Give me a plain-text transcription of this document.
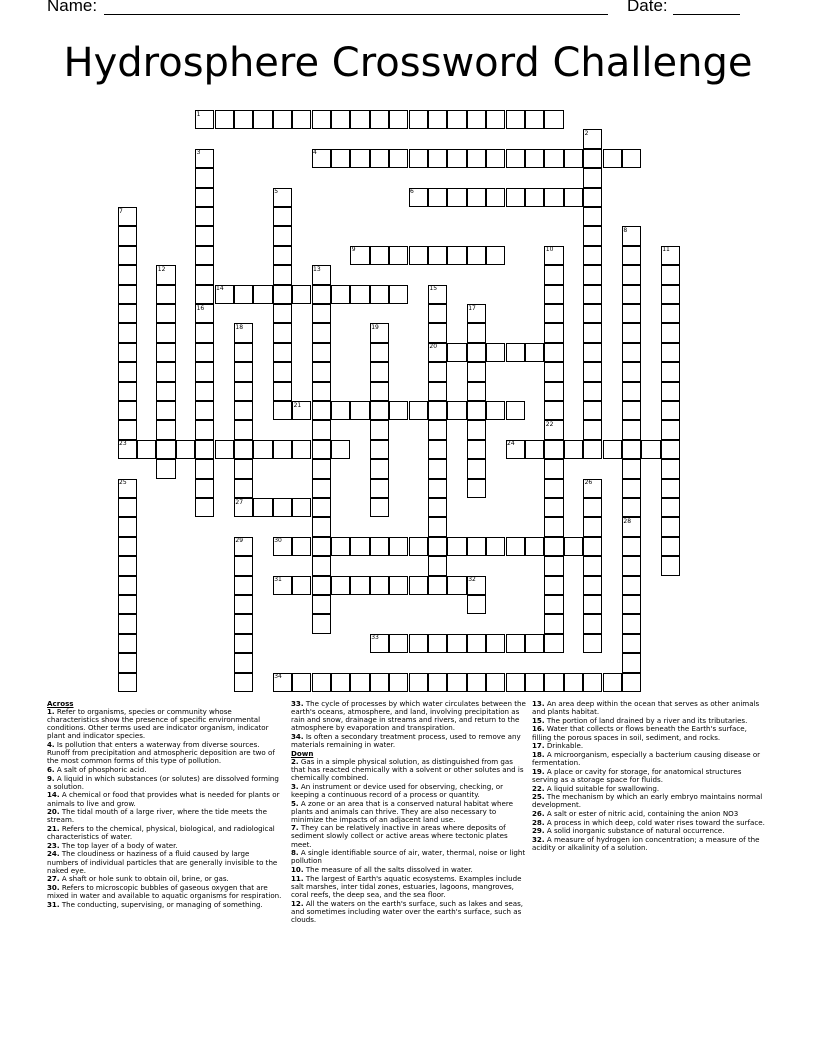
Name:	Date:
Hydrosphere Crossword Challenge
1
2
3	4
5	6
7
8
9	10	11
12	13
14	15
16	17
18	19
20
21
22
23	24
25	26
27
28
29	30
31	32
33
34
Across
1. Refer to organisms, species or community whose characteristics show the presence of specific environmental conditions. Other terms used are indicator organism, indicator plant and indicator species.
4. Is pollution that enters a waterway from diverse sources. Runoff from precipitation and atmospheric deposition are two of the most common forms of this type of pollution.
6. A salt of phosphoric acid.
9. A liquid in which substances (or solutes) are dissolved forming a solution.
14. A chemical or food that provides what is needed for plants or animals to live and grow.
20. The tidal mouth of a large river, where the tide meets the stream.
21. Refers to the chemical, physical, biological, and radiological characteristics of water.
23. The top layer of a body of water.
24. The cloudiness or haziness of a fluid caused by large numbers of individual particles that are generally invisible to the naked eye.
27. A shaft or hole sunk to obtain oil, brine, or gas.
30. Refers to microscopic bubbles of gaseous oxygen that are mixed in water and available to aquatic organisms for respiration.
31. The conducting, supervising, or managing of something.
33. The cycle of processes by which water circulates between the earth's oceans, atmosphere, and land, involving precipitation as rain and snow, drainage in streams and rivers, and return to the atmosphere by evaporation and transpiration.
34. Is often a secondary treatment process, used to remove any materials remaining in water.
Down
2. Gas in a simple physical solution, as distinguished from gas that has reacted chemically with a solvent or other solutes and is chemically combined.
3. An instrument or device used for observing, checking, or keeping a continuous record of a process or quantity.
5. A zone or an area that is a conserved natural habitat where plants and animals can thrive. They are also necessary to minimize the impacts of an adjacent land use.
7. They can be relatively inactive in areas where deposits of sediment slowly collect or active areas where tectonic plates meet.
8. A single identifiable source of air, water, thermal, noise or light pollution
10. The measure of all the salts dissolved in water.
11. The largest of Earth's aquatic ecosystems. Examples include salt marshes, inter tidal zones, estuaries, lagoons, mangroves, coral reefs, the deep sea, and the sea floor.
12. All the waters on the earth's surface, such as lakes and seas, and sometimes including water over the earth's surface, such as clouds.
13. An area deep within the ocean that serves as other animals and plants habitat.
15. The portion of land drained by a river and its tributaries.
16. Water that collects or flows beneath the Earth's surface, filling the porous spaces in soil, sediment, and rocks.
17. Drinkable.
18. A microorganism, especially a bacterium causing disease or fermentation.
19. A place or cavity for storage, for anatomical structures serving as a storage space for fluids.
22. A liquid suitable for swallowing.
25. The mechanism by which an early embryo maintains normal development.
26. A salt or ester of nitric acid, containing the anion NO3
28. A process in which deep, cold water rises toward the surface.
29. A solid inorganic substance of natural occurrence.
32. A measure of hydrogen ion concentration; a measure of the acidity or alkalinity of a solution.
